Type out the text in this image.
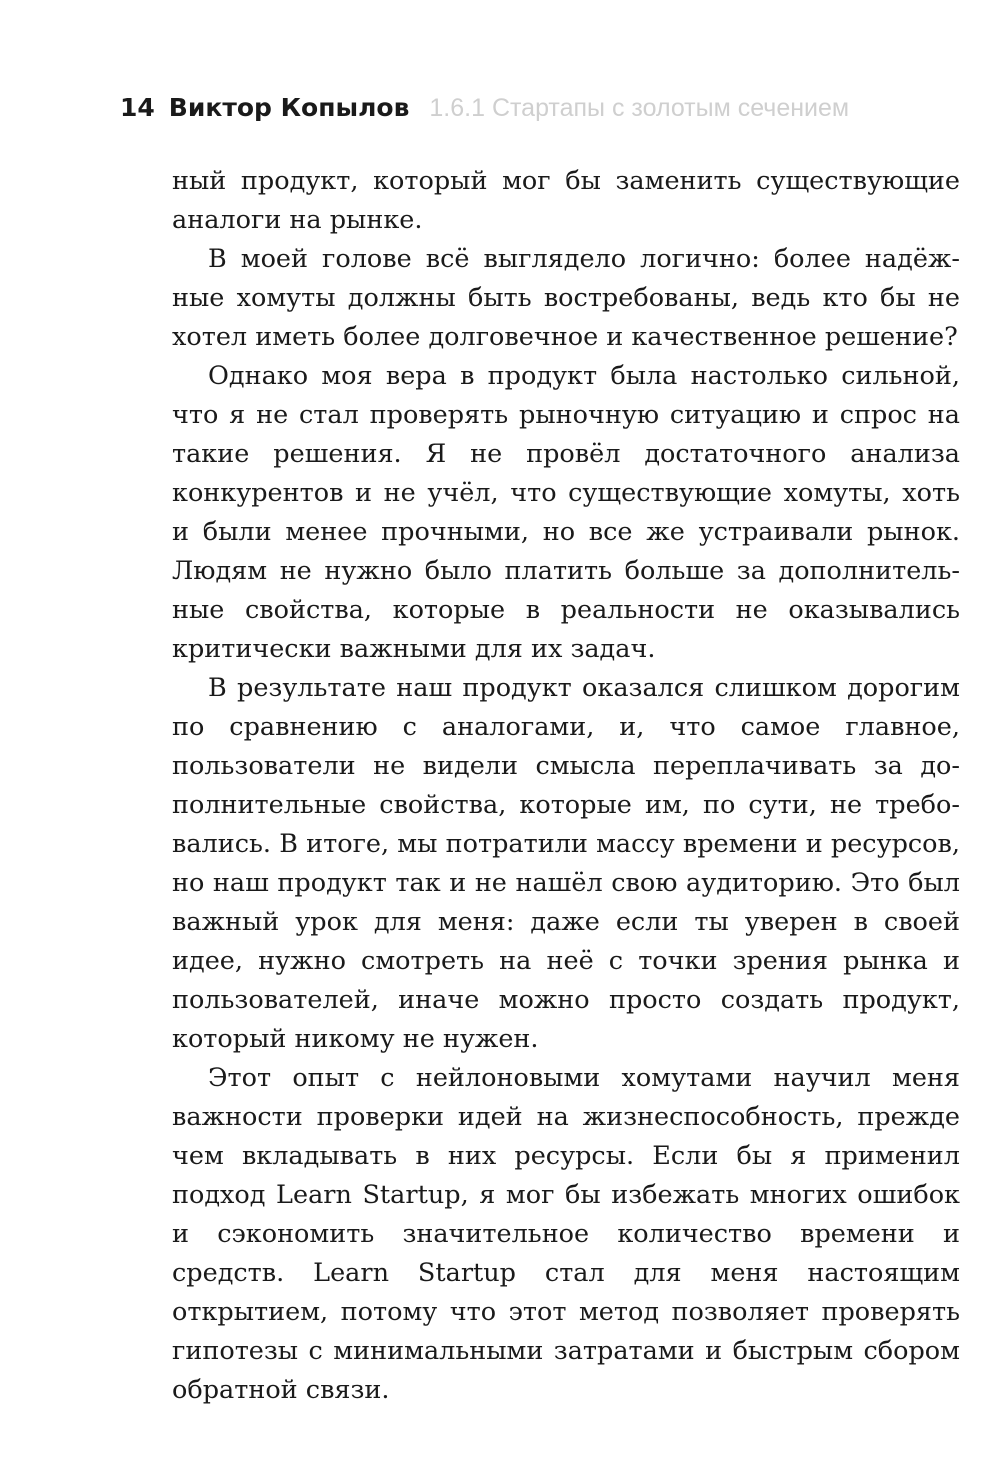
14 Виктор Копылов 1.6.1 Стартапы с золотым сечением

ный продукт, который мог бы заменить существующие аналоги на рынке.

В моей голове всё выглядело логично: более надёжные хомуты должны быть востребованы, ведь кто бы не хотел иметь более долговечное и качественное решение?

Однако моя вера в продукт была настолько сильной, что я не стал проверять рыночную ситуацию и спрос на такие решения. Я не провёл достаточного анализа конкурентов и не учёл, что существующие хомуты, хоть и были менее прочными, но все же устраивали рынок. Людям не нужно было платить больше за дополнительные свойства, которые в реальности не оказывались критически важными для их задач.

В результате наш продукт оказался слишком дорогим по сравнению с аналогами, и, что самое главное, пользователи не видели смысла переплачивать за дополнительные свойства, которые им, по сути, не требовались. В итоге, мы потратили массу времени и ресурсов, но наш продукт так и не нашёл свою аудиторию. Это был важный урок для меня: даже если ты уверен в своей идее, нужно смотреть на неё с точки зрения рынка и пользователей, иначе можно просто создать продукт, который никому не нужен.

Этот опыт с нейлоновыми хомутами научил меня важности проверки идей на жизнеспособность, прежде чем вкладывать в них ресурсы. Если бы я применил подход Learn Startup, я мог бы избежать многих ошибок и сэкономить значительное количество времени и средств. Learn Startup стал для меня настоящим открытием, потому что этот метод позволяет проверять гипотезы с минимальными затратами и быстрым сбором обратной связи.
